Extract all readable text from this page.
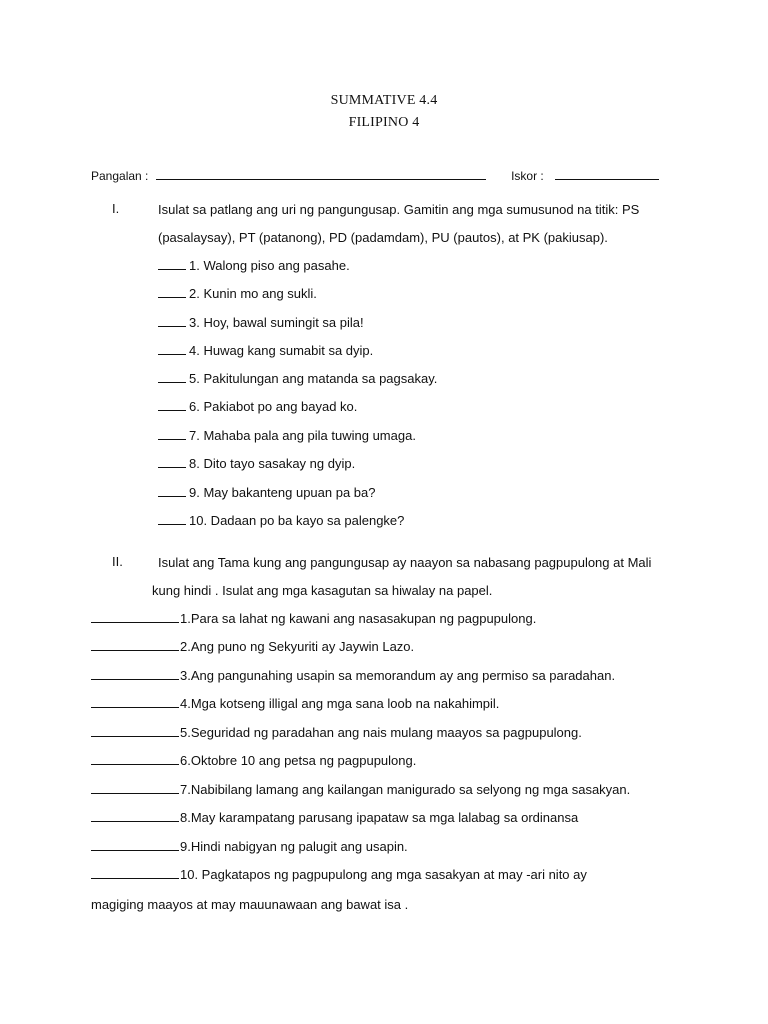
SUMMATIVE 4.4
FILIPINO 4
Pangalan :	Iskor :
I.	Isulat sa patlang ang uri ng pangungusap. Gamitin ang mga sumusunod na titik: PS
(pasalaysay), PT (patanong), PD (padamdam), PU (pautos), at PK (pakiusap).
1. Walong piso ang pasahe.
2. Kunin mo ang sukli.
3. Hoy, bawal sumingit sa pila!
4. Huwag kang sumabit sa dyip.
5. Pakitulungan ang matanda sa pagsakay.
6. Pakiabot po ang bayad ko.
7. Mahaba pala ang pila tuwing umaga.
8. Dito tayo sasakay ng dyip.
9. May bakanteng upuan pa ba?
10. Dadaan po ba kayo sa palengke?
II.	Isulat ang Tama kung ang pangungusap ay naayon sa nabasang pagpupulong at Mali
kung hindi . Isulat ang mga kasagutan sa hiwalay na papel.
1.Para sa lahat ng kawani ang nasasakupan ng pagpupulong.
2.Ang puno ng Sekyuriti ay Jaywin Lazo.
3.Ang pangunahing usapin sa memorandum ay ang permiso sa paradahan.
4.Mga kotseng illigal ang mga sana loob na nakahimpil.
5.Seguridad ng paradahan ang nais mulang maayos sa pagpupulong.
6.Oktobre 10 ang petsa ng pagpupulong.
7.Nabibilang lamang ang kailangan manigurado sa selyong ng mga sasakyan.
8.May karampatang parusang ipapataw sa mga lalabag sa ordinansa
9.Hindi nabigyan ng palugit ang usapin.
10. Pagkatapos ng pagpupulong ang mga sasakyan at may -ari nito ay
magiging maayos at may mauunawaan ang bawat isa .
